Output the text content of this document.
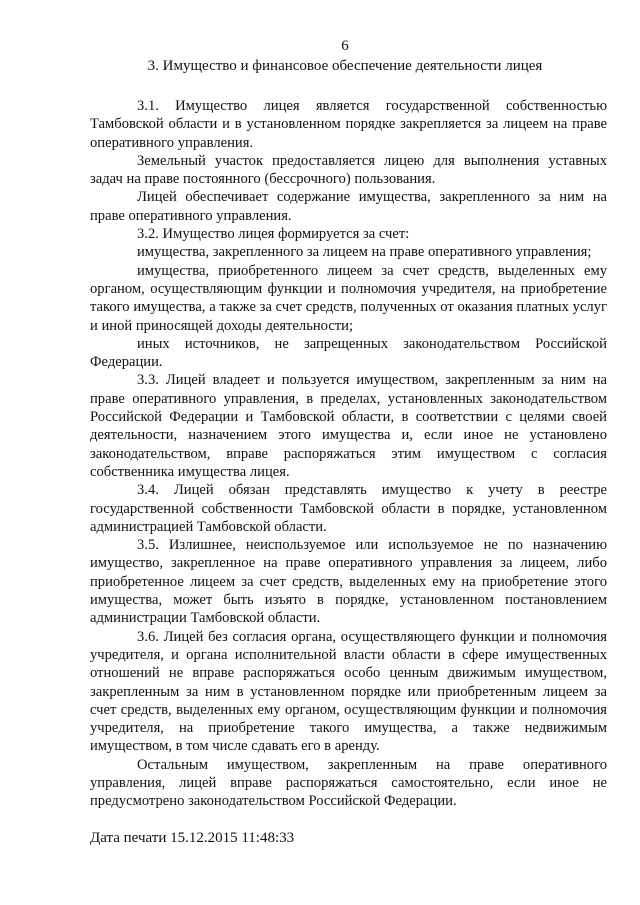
6
3. Имущество и финансовое обеспечение деятельности лицея

3.1. Имущество лицея является государственной собственностью Тамбовской области и в установленном порядке закрепляется за лицеем на праве оперативного управления.

Земельный участок предоставляется лицею для выполнения уставных задач на праве постоянного (бессрочного) пользования.

Лицей обеспечивает содержание имущества, закрепленного за ним на праве оперативного управления.

3.2. Имущество лицея формируется за счет:

имущества, закрепленного за лицеем на праве оперативного управления;

имущества, приобретенного лицеем за счет средств, выделенных ему органом, осуществляющим функции и полномочия учредителя, на приобретение такого имущества, а также за счет средств, полученных от оказания платных услуг и иной приносящей доходы деятельности;

иных источников, не запрещенных законодательством Российской Федерации.

3.3. Лицей владеет и пользуется имуществом, закрепленным за ним на праве оперативного управления, в пределах, установленных законодательством Российской Федерации и Тамбовской области, в соответствии с целями своей деятельности, назначением этого имущества и, если иное не установлено законодательством, вправе распоряжаться этим имуществом с согласия собственника имущества лицея.

3.4. Лицей обязан представлять имущество к учету в реестре государственной собственности Тамбовской области в порядке, установленном администрацией Тамбовской области.

3.5. Излишнее, неиспользуемое или используемое не по назначению имущество, закрепленное на праве оперативного управления за лицеем, либо приобретенное лицеем за счет средств, выделенных ему на приобретение этого имущества, может быть изъято в порядке, установленном постановлением администрации Тамбовской области.

3.6. Лицей без согласия органа, осуществляющего функции и полномочия учредителя, и органа исполнительной власти области в сфере имущественных отношений не вправе распоряжаться особо ценным движимым имуществом, закрепленным за ним в установленном порядке или приобретенным лицеем за счет средств, выделенных ему органом, осуществляющим функции и полномочия учредителя, на приобретение такого имущества, а также недвижимым имуществом, в том числе сдавать его в аренду.

Остальным имуществом, закрепленным на праве оперативного управления, лицей вправе распоряжаться самостоятельно, если иное не предусмотрено законодательством Российской Федерации.

Дата печати 15.12.2015 11:48:33
